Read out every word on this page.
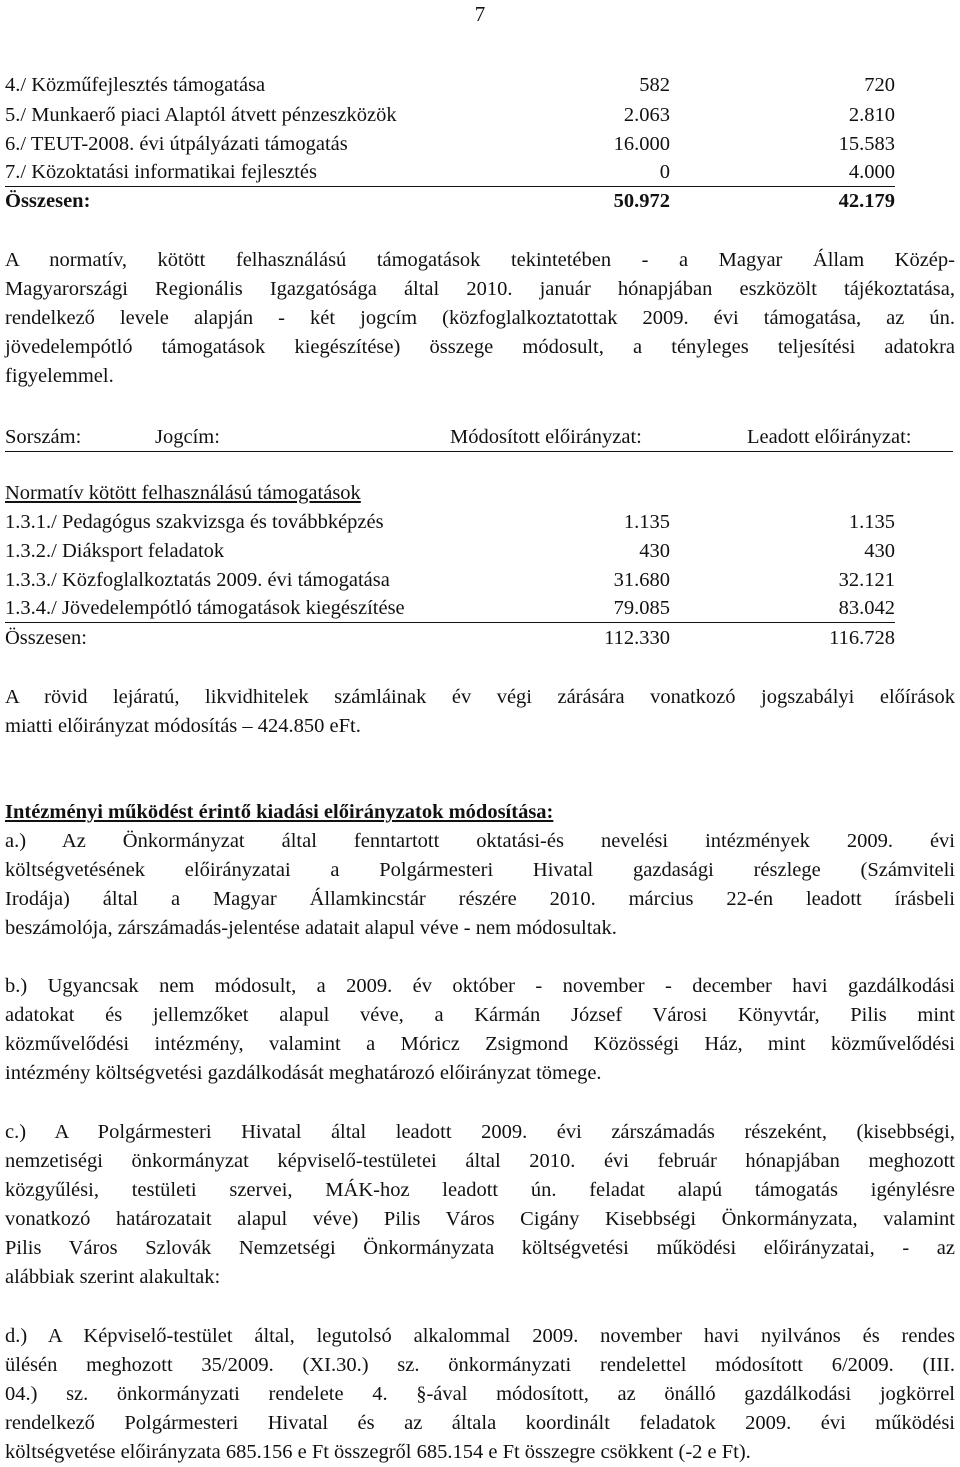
7
4./ Közműfejlesztés támogatása	582	720
5./ Munkaerő piaci Alaptól átvett pénzeszközök	2.063	2.810
6./ TEUT-2008. évi útpályázati támogatás	16.000	15.583
7./ Közoktatási informatikai fejlesztés	0	4.000
Összesen:	50.972	42.179
A normatív, kötött felhasználású támogatások tekintetében - a Magyar Állam Közép-
Magyarországi Regionális Igazgatósága által 2010. január hónapjában eszközölt tájékoztatása,
rendelkező levele alapján - két jogcím (közfoglalkoztatottak 2009. évi támogatása, az ún.
jövedelempótló támogatások kiegészítése) összege módosult, a tényleges teljesítési adatokra
figyelemmel.
Sorszám:	Jogcím:	Módosított előirányzat:	Leadott előirányzat:
Normatív kötött felhasználású támogatások
1.3.1./ Pedagógus szakvizsga és továbbképzés	1.135	1.135
1.3.2./ Diáksport feladatok	430	430
1.3.3./ Közfoglalkoztatás 2009. évi támogatása	31.680	32.121
1.3.4./ Jövedelempótló támogatások kiegészítése	79.085	83.042
Összesen:	112.330	116.728
A rövid lejáratú, likvidhitelek számláinak év végi zárására vonatkozó jogszabályi előírások
miatti előirányzat módosítás – 424.850 eFt.
Intézményi működést érintő kiadási előirányzatok módosítása:
a.) Az Önkormányzat által fenntartott oktatási-és nevelési intézmények 2009. évi
költségvetésének előirányzatai a Polgármesteri Hivatal gazdasági részlege (Számviteli
Irodája) által a Magyar Államkincstár részére 2010. március 22-én leadott írásbeli
beszámolója, zárszámadás-jelentése adatait alapul véve - nem módosultak.
b.) Ugyancsak nem módosult, a 2009. év október - november - december havi gazdálkodási
adatokat és jellemzőket alapul véve, a Kármán József Városi Könyvtár, Pilis mint
közművelődési intézmény, valamint a Móricz Zsigmond Közösségi Ház, mint közművelődési
intézmény költségvetési gazdálkodását meghatározó előirányzat tömege.
c.) A Polgármesteri Hivatal által leadott 2009. évi zárszámadás részeként, (kisebbségi,
nemzetiségi önkormányzat képviselő-testületei által 2010. évi február hónapjában meghozott
közgyűlési, testületi szervei, MÁK-hoz leadott ún. feladat alapú támogatás igénylésre
vonatkozó határozatait alapul véve) Pilis Város Cigány Kisebbségi Önkormányzata, valamint
Pilis Város Szlovák Nemzetségi Önkormányzata költségvetési működési előirányzatai, - az
alábbiak szerint alakultak:
d.) A Képviselő-testület által, legutolsó alkalommal 2009. november havi nyilvános és rendes
ülésén meghozott 35/2009. (XI.30.) sz. önkormányzati rendelettel módosított 6/2009. (III.
04.) sz. önkormányzati rendelete 4. §-ával módosított, az önálló gazdálkodási jogkörrel
rendelkező Polgármesteri Hivatal és az általa koordinált feladatok 2009. évi működési
költségvetése előirányzata 685.156 e Ft összegről 685.154 e Ft összegre csökkent (-2 e Ft).
